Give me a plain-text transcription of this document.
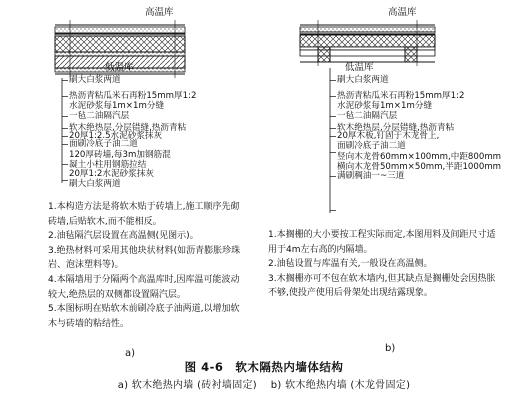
高温库
低温库
刷大白浆两道
热沥青粘瓜米石再粉15mm厚1:2
水泥砂浆每1m×1m分缝
一毡二油隔汽层
软木绝热层,分层错缝,热沥青粘
20厚1:2.5水泥砂浆抹灰
面刷冷底子油二道
120厚砖墙,每3m加钢筋混
凝土小柱用钢筋拉结
20厚1:2水泥砂浆抹灰
刷大白浆两道
1.本构造方法是将软木贴于砖墙上,施工顺序先砌砖墙,后贴软木,而不能相反。
2.油毡隔汽层设置在高温侧(见图示)。
3.绝热材料可采用其他块状材料(如沥青膨胀珍珠岩、泡沫塑料等)。
4.本隔墙用于分隔两个高温库时,因库温可能波动较大,绝热层的双侧都设置隔汽层。
5.本图标明在贴软木前刷冷底子油两道,以增加软木与砖墙的粘结性。
a)
高温库
低温库
刷大白浆两道
热沥青粘瓜米石再粉15mm厚1:2
水泥砂浆每1m×1m分缝
一毡二油隔汽层
软木绝热层,分层错缝,热沥青粘
20厚木板,钉固于木龙骨上,
面刷冷底子油二道
竖向木龙骨60mm×100mm,中距800mm
横向木龙骨50mm×50mm,半距1000mm
满刷稠油一~三道
1.本搁栅的大小要按工程实际而定,本图用料及间距尺寸适用于4m左右高的内隔墙。
2.油毡设置与库温有关,一般设在高温侧。
3.木搁栅亦可不包在软木墙内,但其缺点是搁栅处会因热胀不够,使投产使用后骨架处出现结露现象。
b)
图 4-6　软木隔热内墙体结构
a) 软木绝热内墙 (砖衬墙固定)　 b) 软木绝热内墙 (木龙骨固定)
